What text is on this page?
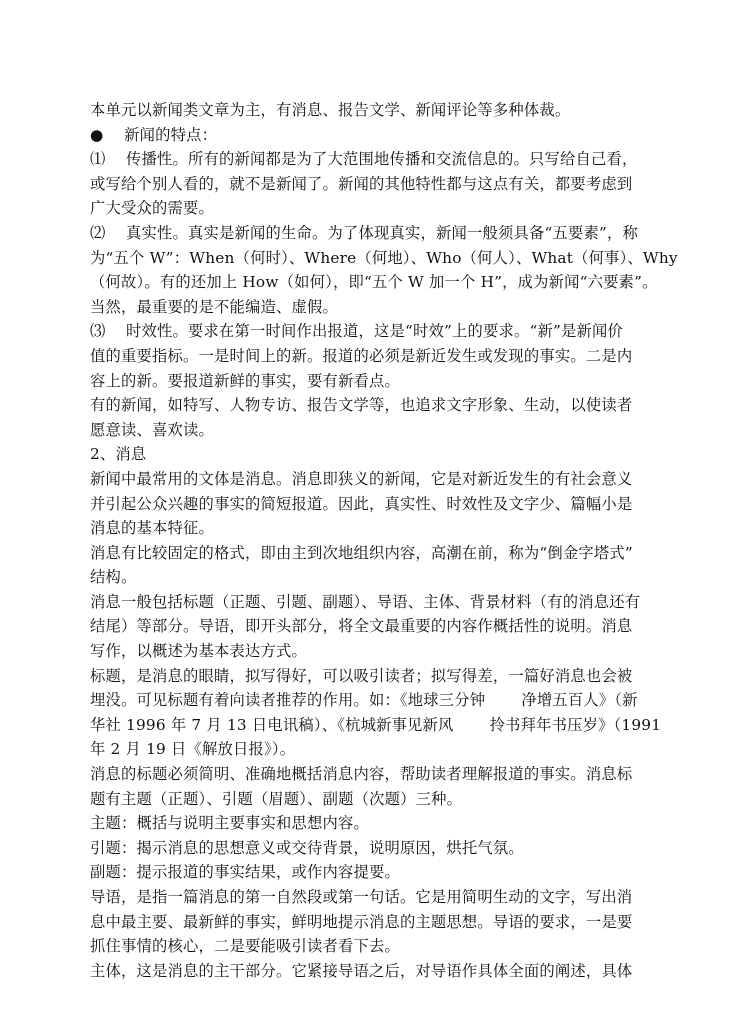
本单元以新闻类文章为主，有消息、报告文学、新闻评论等多种体裁。
●　 新闻的特点：
⑴　 传播性。所有的新闻都是为了大范围地传播和交流信息的。只写给自己看，
或写给个别人看的，就不是新闻了。新闻的其他特性都与这点有关，都要考虑到
广大受众的需要。
⑵　 真实性。真实是新闻的生命。为了体现真实，新闻一般须具备“五要素”，称
为“五个 W”：When（何时）、Where（何地）、Who（何人）、What（何事）、Why
（何故）。有的还加上 How（如何），即“五个 W 加一个 H”，成为新闻“六要素”。
当然，最重要的是不能编造、虚假。
⑶　 时效性。要求在第一时间作出报道，这是“时效”上的要求。“新”是新闻价
值的重要指标。一是时间上的新。报道的必须是新近发生或发现的事实。二是内
容上的新。要报道新鲜的事实，要有新看点。
有的新闻，如特写、人物专访、报告文学等，也追求文字形象、生动，以使读者
愿意读、喜欢读。
2、消息
新闻中最常用的文体是消息。消息即狭义的新闻，它是对新近发生的有社会意义
并引起公众兴趣的事实的简短报道。因此，真实性、时效性及文字少、篇幅小是
消息的基本特征。
消息有比较固定的格式，即由主到次地组织内容，高潮在前，称为“倒金字塔式”
结构。
消息一般包括标题（正题、引题、副题）、导语、主体、背景材料（有的消息还有
结尾）等部分。导语，即开头部分，将全文最重要的内容作概括性的说明。消息
写作，以概述为基本表达方式。
标题，是消息的眼睛，拟写得好，可以吸引读者；拟写得差，一篇好消息也会被
埋没。可见标题有着向读者推荐的作用。如：《地球三分钟　　 净增五百人》（新
华社 1996 年 7 月 13 日电讯稿）、《杭城新事见新风　　 拎书拜年书压岁》（1991
年 2 月 19 日《解放日报》）。
消息的标题必须简明、准确地概括消息内容，帮助读者理解报道的事实。消息标
题有主题（正题）、引题（眉题）、副题（次题）三种。
主题：概括与说明主要事实和思想内容。
引题：揭示消息的思想意义或交待背景，说明原因，烘托气氛。
副题：提示报道的事实结果，或作内容提要。
导语，是指一篇消息的第一自然段或第一句话。它是用简明生动的文字，写出消
息中最主要、最新鲜的事实，鲜明地提示消息的主题思想。导语的要求，一是要
抓住事情的核心，二是要能吸引读者看下去。
主体，这是消息的主干部分。它紧接导语之后，对导语作具体全面的阐述，具体
